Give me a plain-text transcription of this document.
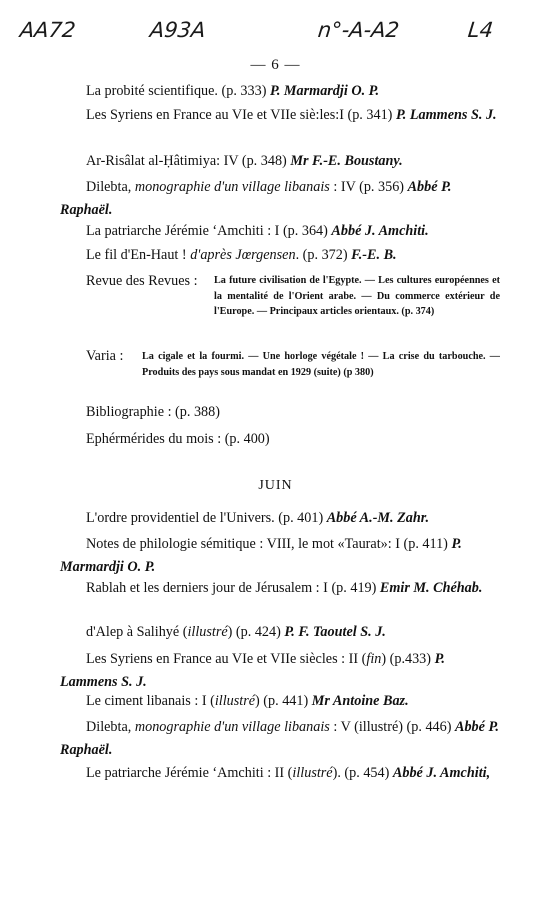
AA72	A93A	n°-A-A2	L4
— 6 —
La probité scientifique. (p. 333) P. Marmardji O. P.
Les Syriens en France au VIe et VIIe siè:les:I (p. 341) P. Lammens S. J.
Ar-Risâlat al-Ḥâtimiya: IV (p. 348) Mr F.-E. Boustany.
Dilebta, monographie d'un village libanais : IV (p. 356) Abbé P. Raphaël.
La patriarche Jérémie ‘Amchiti : I (p. 364) Abbé J. Amchiti.
Le fil d'En-Haut ! d'après Jœrgensen. (p. 372) F.-E. B.
Revue des Revues : La future civilisation de l'Egypte. — Les cultures européennes et la mentalité de l'Orient arabe. — Du commerce extérieur de l'Europe. — Principaux articles orientaux. (p. 374)
Varia : La cigale et la fourmi. — Une horloge végétale ! — La crise du tarbouche. — Produits des pays sous mandat en 1929 (suite) (p 380)
Bibliographie : (p. 388)
Ephérmérides du mois : (p. 400)
JUIN
L'ordre providentiel de l'Univers. (p. 401) Abbé A.-M. Zahr.
Notes de philologie sémitique : VIII, le mot «Taurat»: I (p. 411) P. Marmardji O. P.
Rablah et les derniers jour de Jérusalem : I (p. 419) Emir M. Chéhab.
d'Alep à Salihyé (illustré) (p. 424) P. F. Taoutel S. J.
Les Syriens en France au VIe et VIIe siècles : II (fin) (p.433) P. Lammens S. J.
Le ciment libanais : I (illustré) (p. 441) Mr Antoine Baz.
Dilebta, monographie d'un village libanais : V (illustré) (p. 446) Abbé P. Raphaël.
Le patriarche Jérémie ‘Amchiti : II (illustré). (p. 454) Abbé J. Amchiti,
